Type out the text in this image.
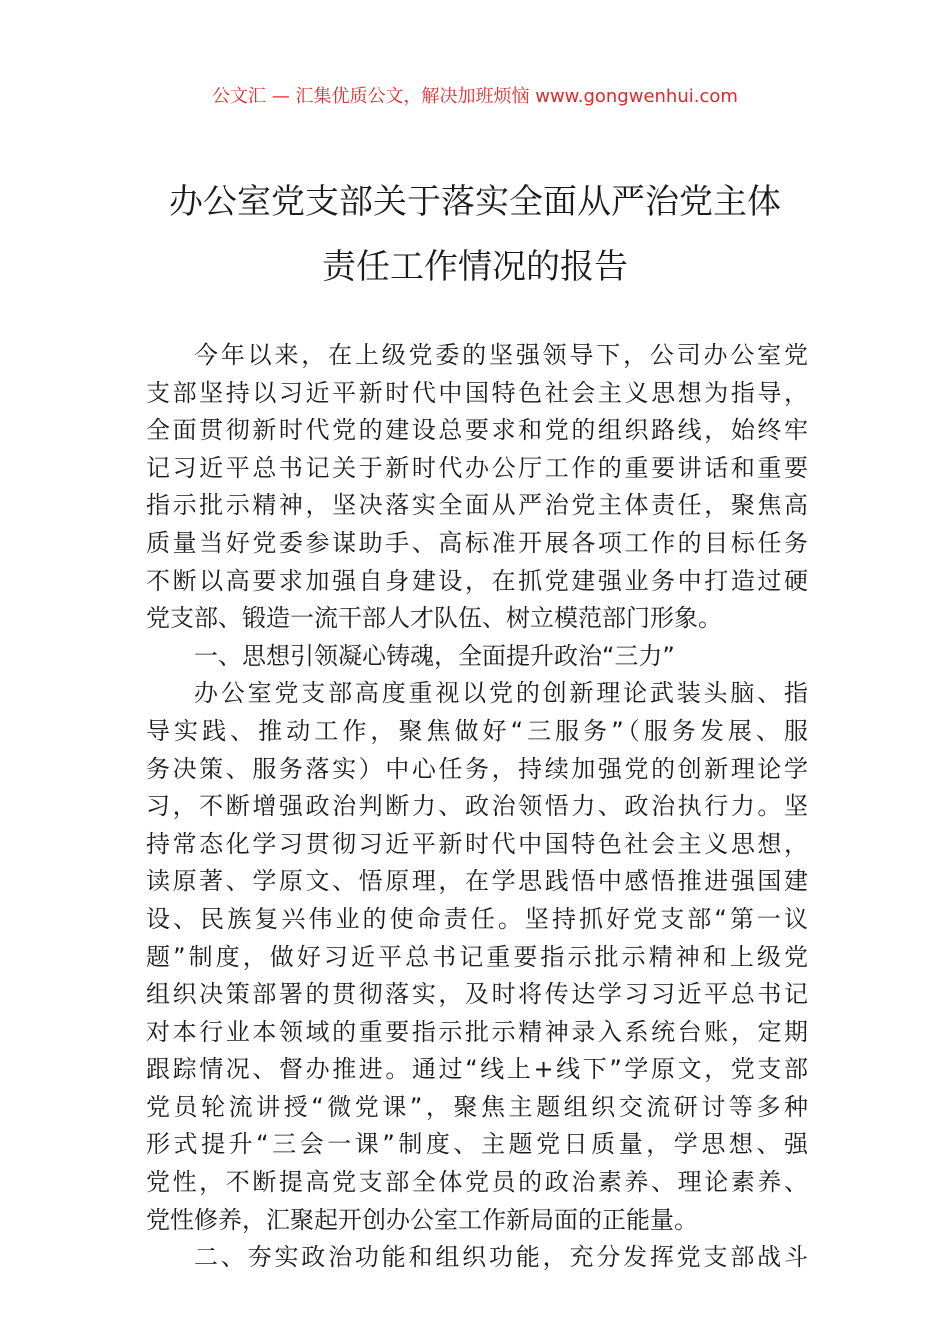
公文汇 — 汇集优质公文，解决加班烦恼 www.gongwenhui.com
办公室党支部关于落实全面从严治党主体
责任工作情况的报告
今年以来，在上级党委的坚强领导下，公司办公室党
支部坚持以习近平新时代中国特色社会主义思想为指导，
全面贯彻新时代党的建设总要求和党的组织路线，始终牢
记习近平总书记关于新时代办公厅工作的重要讲话和重要
指示批示精神，坚决落实全面从严治党主体责任，聚焦高
质量当好党委参谋助手、高标准开展各项工作的目标任务
不断以高要求加强自身建设，在抓党建强业务中打造过硬
党支部、锻造一流干部人才队伍、树立模范部门形象。
一、思想引领凝心铸魂，全面提升政治“三力”
办公室党支部高度重视以党的创新理论武装头脑、指
导实践、推动工作，聚焦做好“三服务”（服务发展、服
务决策、服务落实）中心任务，持续加强党的创新理论学
习，不断增强政治判断力、政治领悟力、政治执行力。坚
持常态化学习贯彻习近平新时代中国特色社会主义思想，
读原著、学原文、悟原理，在学思践悟中感悟推进强国建
设、民族复兴伟业的使命责任。坚持抓好党支部“第一议
题”制度，做好习近平总书记重要指示批示精神和上级党
组织决策部署的贯彻落实，及时将传达学习习近平总书记
对本行业本领域的重要指示批示精神录入系统台账，定期
跟踪情况、督办推进。通过“线上+线下”学原文，党支部
党员轮流讲授“微党课”，聚焦主题组织交流研讨等多种
形式提升“三会一课”制度、主题党日质量，学思想、强
党性，不断提高党支部全体党员的政治素养、理论素养、
党性修养，汇聚起开创办公室工作新局面的正能量。
二、夯实政治功能和组织功能，充分发挥党支部战斗
